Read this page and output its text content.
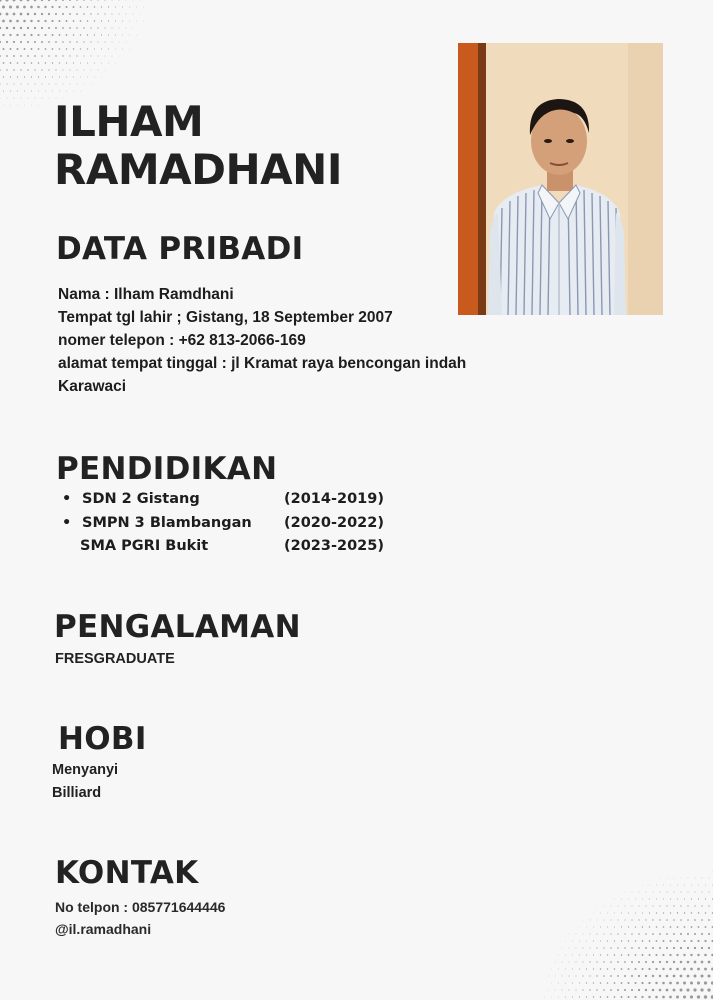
ILHAM
RAMADHANI
DATA PRIBADI
Nama : Ilham Ramdhani
Tempat tgl lahir ; Gistang, 18 September 2007
nomer telepon : +62 813-2066-169
alamat tempat tinggal : jl Kramat raya bencongan indah Karawaci
PENDIDIKAN
• SDN 2 Gistang	(2014-2019)
• SMPN 3 Blambangan (2020-2022)
SMA PGRI Bukit	(2023-2025)
PENGALAMAN
FRESGRADUATE
HOBI
Menyanyi
Billiard
KONTAK
No telpon : 085771644446
@il.ramadhani
